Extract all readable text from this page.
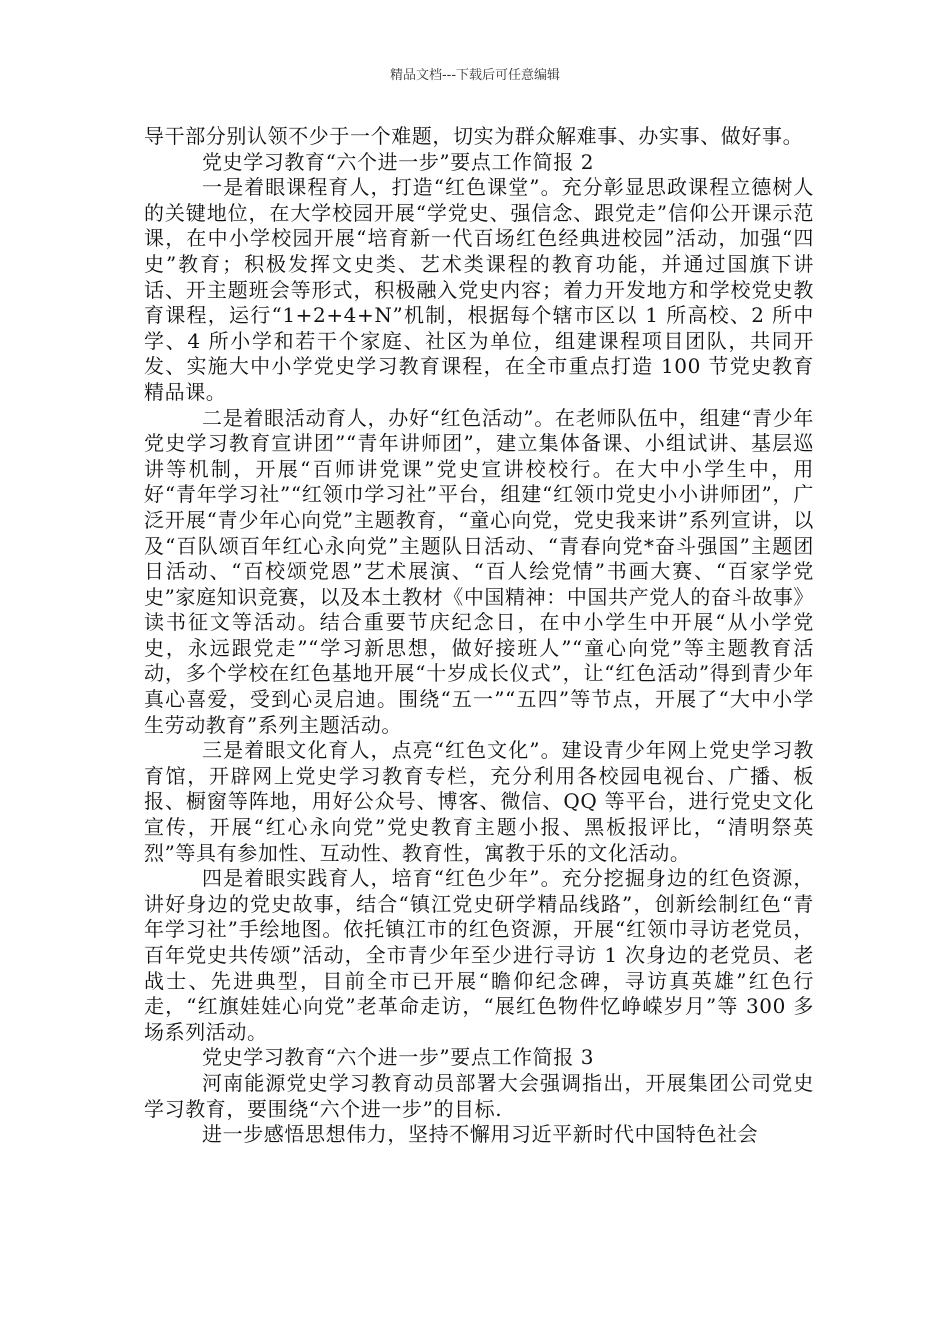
精品文档---下载后可任意编辑

导干部分别认领不少于一个难题，切实为群众解难事、办实事、做好事。

党史学习教育“六个进一步”要点工作简报 2

一是着眼课程育人，打造“红色课堂”。充分彰显思政课程立德树人的关键地位，在大学校园开展“学党史、强信念、跟党走”信仰公开课示范课，在中小学校园开展“培育新一代百场红色经典进校园”活动，加强“四史”教育；积极发挥文史类、艺术类课程的教育功能，并通过国旗下讲话、开主题班会等形式，积极融入党史内容；着力开发地方和学校党史教育课程，运行“1+2+4+N”机制，根据每个辖市区以 1 所高校、2 所中学、4 所小学和若干个家庭、社区为单位，组建课程项目团队，共同开发、实施大中小学党史学习教育课程，在全市重点打造 100 节党史教育精品课。

二是着眼活动育人，办好“红色活动”。在老师队伍中，组建“青少年党史学习教育宣讲团”“青年讲师团”，建立集体备课、小组试讲、基层巡讲等机制，开展“百师讲党课”党史宣讲校校行。在大中小学生中，用好“青年学习社”“红领巾学习社”平台，组建“红领巾党史小小讲师团”，广泛开展“青少年心向党”主题教育，“童心向党，党史我来讲”系列宣讲，以及“百队颂百年红心永向党”主题队日活动、“青春向党*奋斗强国”主题团日活动、“百校颂党恩”艺术展演、“百人绘党情”书画大赛、“百家学党史”家庭知识竞赛，以及本土教材《中国精神：中国共产党人的奋斗故事》读书征文等活动。结合重要节庆纪念日，在中小学生中开展“从小学党史，永远跟党走”“学习新思想，做好接班人”“童心向党”等主题教育活动，多个学校在红色基地开展“十岁成长仪式”，让“红色活动”得到青少年真心喜爱，受到心灵启迪。围绕“五一”“五四”等节点，开展了“大中小学生劳动教育”系列主题活动。

三是着眼文化育人，点亮“红色文化”。建设青少年网上党史学习教育馆，开辟网上党史学习教育专栏，充分利用各校园电视台、广播、板报、橱窗等阵地，用好公众号、博客、微信、QQ 等平台，进行党史文化宣传，开展“红心永向党”党史教育主题小报、黑板报评比，“清明祭英烈”等具有参加性、互动性、教育性，寓教于乐的文化活动。

四是着眼实践育人，培育“红色少年”。充分挖掘身边的红色资源，讲好身边的党史故事，结合“镇江党史研学精品线路”，创新绘制红色“青年学习社”手绘地图。依托镇江市的红色资源，开展“红领巾寻访老党员，百年党史共传颂”活动，全市青少年至少进行寻访 1 次身边的老党员、老战士、先进典型，目前全市已开展“瞻仰纪念碑，寻访真英雄”红色行走，“红旗娃娃心向党”老革命走访，“展红色物件忆峥嵘岁月”等 300 多场系列活动。

党史学习教育“六个进一步”要点工作简报 3

河南能源党史学习教育动员部署大会强调指出，开展集团公司党史学习教育，要围绕“六个进一步”的目标.

进一步感悟思想伟力，坚持不懈用习近平新时代中国特色社会
